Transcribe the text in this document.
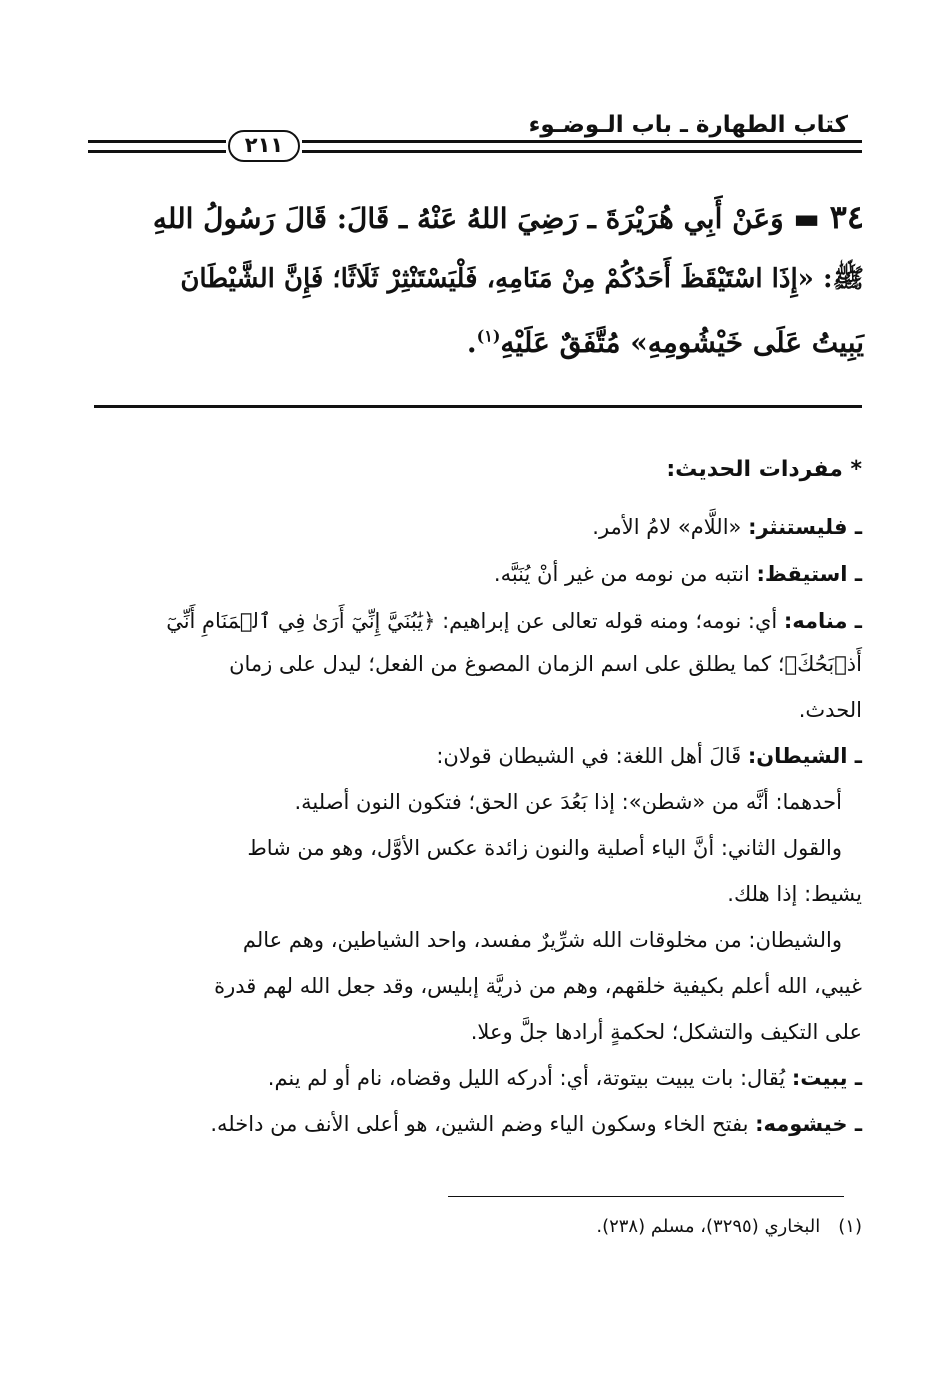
كتاب الطهارة ـ باب الـوضـوء
٢١١
٣٤ ▬ وَعَنْ أَبِي هُرَيْرَةَ ـ رَضِيَ اللهُ عَنْهُ ـ قَالَ: قَالَ رَسُولُ اللهِ
ﷺ: «إِذَا اسْتَيْقَظَ أَحَدُكُمْ مِنْ مَنَامِهِ، فَلْيَسْتَنْثِرْ ثَلَاثًا؛ فَإِنَّ الشَّيْطَانَ
يَبِيتُ عَلَى خَيْشُومِهِ» مُتَّفَقٌ عَلَيْهِ$^{(١)}$.
* مفردات الحديث:
ـ فليستنثر: «اللَّام» لامُ الأمر.
ـ استيقظ: انتبه من نومه من غير أنْ يُنَبَّه.
ـ منامه: أي: نومه؛ ومنه قوله تعالى عن إبراهيم: ﴿يَٰبُنَيَّ إِنِّيٓ أَرَىٰ فِي ٱلۡمَنَامِ أَنِّيٓ
أَذۡبَحُكَ﴾؛ كما يطلق على اسم الزمان المصوغ من الفعل؛ ليدل على زمان
الحدث.
ـ الشيطان: قَالَ أهل اللغة: في الشيطان قولان:
أحدهما: أنَّه من «شطن»: إذا بَعُدَ عن الحق؛ فتكون النون أصلية.
والقول الثاني: أنَّ الياء أصلية والنون زائدة عكس الأوَّل، وهو من شاط
يشيط: إذا هلك.
والشيطان: من مخلوقات الله شرِّيرٌ مفسد، واحد الشياطين، وهم عالم
غيبي، الله أعلم بكيفية خلقهم، وهم من ذريَّة إبليس، وقد جعل الله لهم قدرة
على التكيف والتشكل؛ لحكمةٍ أرادها جلَّ وعلا.
ـ يبيت: يُقال: بات يبيت بيتوتة، أي: أدركه الليل وقضاه، نام أو لم ينم.
ـ خيشومه: بفتح الخاء وسكون الياء وضم الشين، هو أعلى الأنف من داخله.
(١)البخاري (٣٢٩٥)، مسلم (٢٣٨).
